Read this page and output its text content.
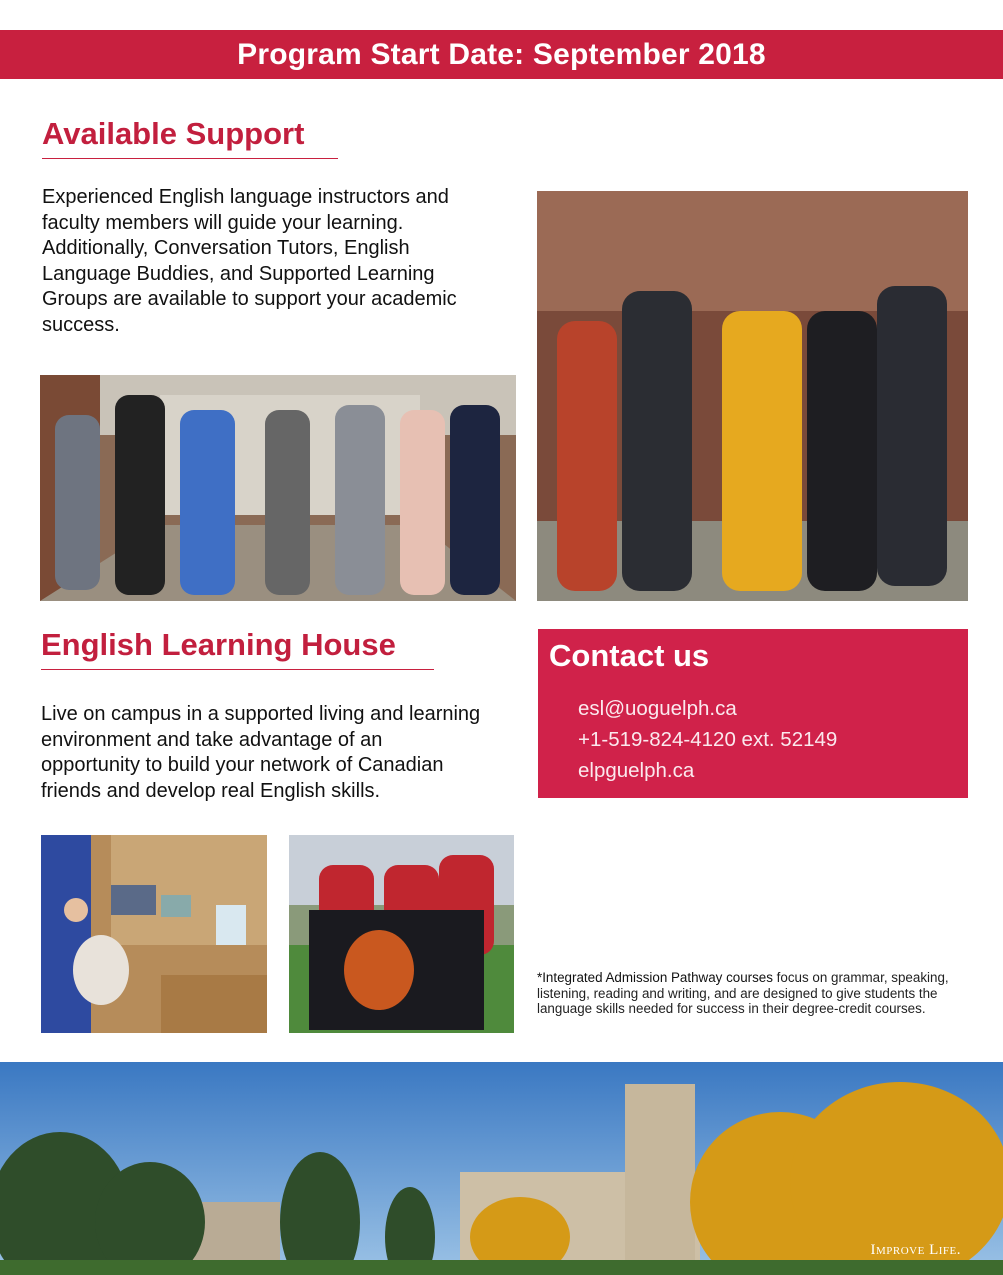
Program Start Date: September 2018
Available Support
Experienced English language instructors and
faculty members will guide your learning.
Additionally, Conversation Tutors, English
Language Buddies, and Supported Learning
Groups are available to support your academic
success.
English Learning House
Live on campus in a supported living and learning
environment and take advantage of an
opportunity to build your network of Canadian
friends and develop real English skills.
Contact us
esl@uoguelph.ca
+1-519-824-4120 ext. 52149
elpguelph.ca
*Integrated Admission Pathway courses focus on grammar, speaking, listening, reading and writing, and are designed to give students the language skills needed for success in their degree-credit courses.
Improve Life.
